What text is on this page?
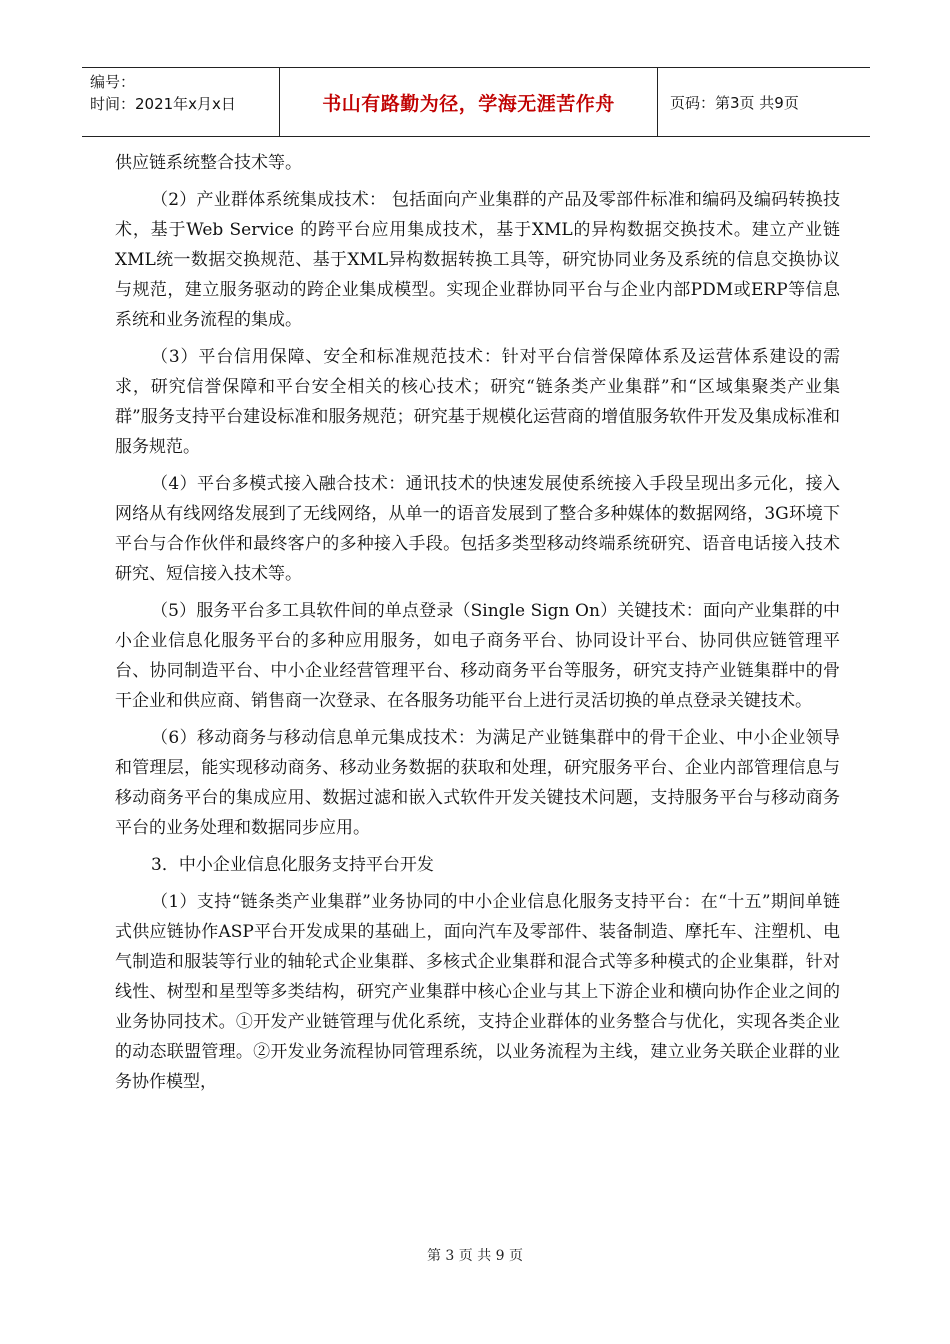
编号：
时间：2021年x月x日	书山有路勤为径，学海无涯苦作舟	页码：第3页 共9页

供应链系统整合技术等。

（2）产业群体系统集成技术： 包括面向产业集群的产品及零部件标准和编码及编码转换技术，基于Web Service 的跨平台应用集成技术，基于XML的异构数据交换技术。建立产业链XML统一数据交换规范、基于XML异构数据转换工具等，研究协同业务及系统的信息交换协议与规范，建立服务驱动的跨企业集成模型。实现企业群协同平台与企业内部PDM或ERP等信息系统和业务流程的集成。

（3）平台信用保障、安全和标准规范技术：针对平台信誉保障体系及运营体系建设的需求，研究信誉保障和平台安全相关的核心技术；研究“链条类产业集群”和“区域集聚类产业集群”服务支持平台建设标准和服务规范；研究基于规模化运营商的增值服务软件开发及集成标准和服务规范。

（4）平台多模式接入融合技术：通讯技术的快速发展使系统接入手段呈现出多元化，接入网络从有线网络发展到了无线网络，从单一的语音发展到了整合多种媒体的数据网络，3G环境下平台与合作伙伴和最终客户的多种接入手段。包括多类型移动终端系统研究、语音电话接入技术研究、短信接入技术等。

（5）服务平台多工具软件间的单点登录（Single Sign On）关键技术：面向产业集群的中小企业信息化服务平台的多种应用服务，如电子商务平台、协同设计平台、协同供应链管理平台、协同制造平台、中小企业经营管理平台、移动商务平台等服务，研究支持产业链集群中的骨干企业和供应商、销售商一次登录、在各服务功能平台上进行灵活切换的单点登录关键技术。

（6）移动商务与移动信息单元集成技术：为满足产业链集群中的骨干企业、中小企业领导和管理层，能实现移动商务、移动业务数据的获取和处理，研究服务平台、企业内部管理信息与移动商务平台的集成应用、数据过滤和嵌入式软件开发关键技术问题，支持服务平台与移动商务平台的业务处理和数据同步应用。

3．中小企业信息化服务支持平台开发

（1）支持“链条类产业集群”业务协同的中小企业信息化服务支持平台：在“十五”期间单链式供应链协作ASP平台开发成果的基础上，面向汽车及零部件、装备制造、摩托车、注塑机、电气制造和服装等行业的轴轮式企业集群、多核式企业集群和混合式等多种模式的企业集群，针对线性、树型和星型等多类结构，研究产业集群中核心企业与其上下游企业和横向协作企业之间的业务协同技术。①开发产业链管理与优化系统，支持企业群体的业务整合与优化，实现各类企业的动态联盟管理。②开发业务流程协同管理系统，以业务流程为主线，建立业务关联企业群的业务协作模型，

第 3 页 共 9 页
